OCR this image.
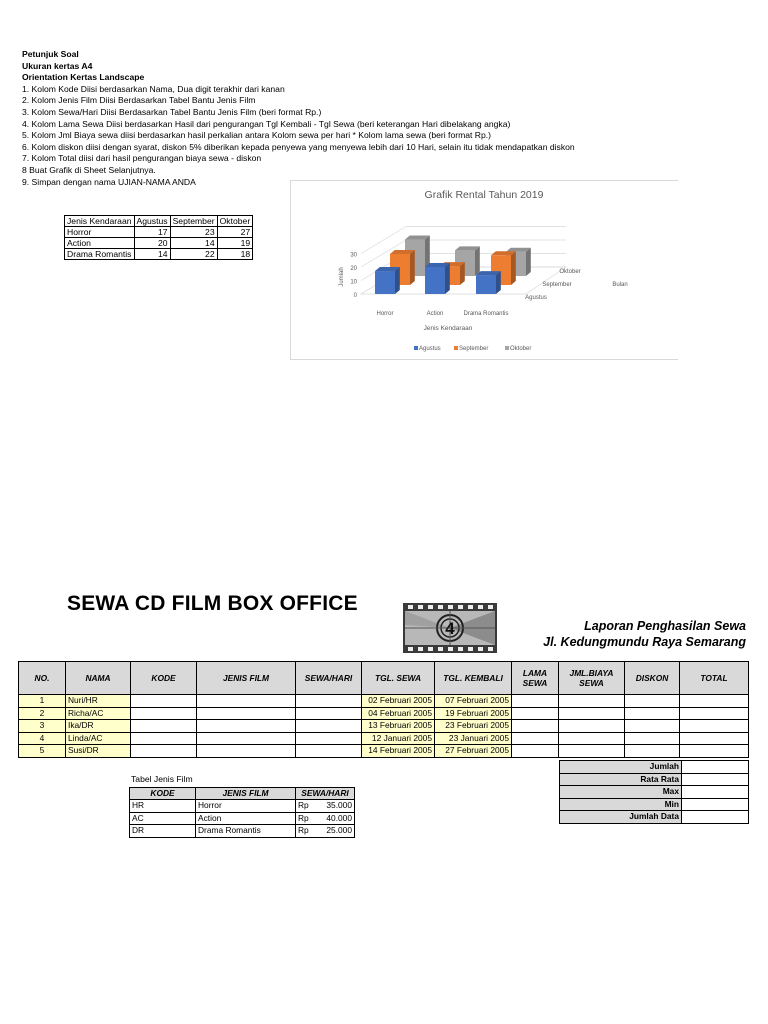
Petunjuk Soal
Ukuran kertas A4
Orientation Kertas Landscape
1. Kolom Kode Diisi berdasarkan Nama, Dua digit terakhir dari kanan
2. Kolom Jenis Film Diisi Berdasarkan Tabel Bantu Jenis Film
3. Kolom Sewa/Hari Diisi Berdasarkan Tabel Bantu Jenis Film (beri format Rp.)
4. Kolom Lama Sewa Diisi berdasarkan Hasil dari pengurangan Tgl Kembali - Tgl Sewa (beri keterangan Hari dibelakang angka)
5. Kolom Jml Biaya sewa diisi berdasarkan hasil perkalian antara Kolom sewa per hari * Kolom lama sewa (beri format Rp.)
6. Kolom diskon diisi dengan syarat, diskon 5% diberikan kepada penyewa yang menyewa lebih dari 10 Hari, selain itu tidak mendapatkan diskon
7. Kolom Total diisi dari hasil pengurangan biaya sewa - diskon
8 Buat Grafik di Sheet Selanjutnya.
9. Simpan dengan nama UJIAN-NAMA ANDA
Jenis Kendaraan	Agustus	September	Oktober
Horror	17	23	27
Action	20	14	19
Drama Romantis	14	22	18
Grafik Rental Tahun 2019
0
10
20
30
Horror	Action	Drama Romantis
Agustus
September
Oktober
Bulan
Jenis Kendaraan
Jumlah
Agustus	September	Oktober
SEWA CD FILM BOX OFFICE
4	Laporan Penghasilan Sewa
Jl. Kedungmundu Raya Semarang
NO.	NAMA	KODE	JENIS FILM	SEWA/HARI	TGL. SEWA	TGL. KEMBALI	LAMA SEWA	JML.BIAYA SEWA	DISKON	TOTAL
1	Nuri/HR				02 Februari 2005	07 Februari 2005				
2	Richa/AC				04 Februari 2005	19 Februari 2005				
3	Ika/DR				13 Februari 2005	23 Februari 2005				
4	Linda/AC				12 Januari 2005	23 Januari 2005				
5	Susi/DR				14 Februari 2005	27 Februari 2005				
Jumlah	
Rata Rata	
Max	
Min	
Jumlah Data	
Tabel Jenis Film
KODE	JENIS FILM	SEWA/HARI
HR	Horror	Rp 35.000

AC	Action	Rp 40.000

DR	Drama Romantis	Rp 25.000
